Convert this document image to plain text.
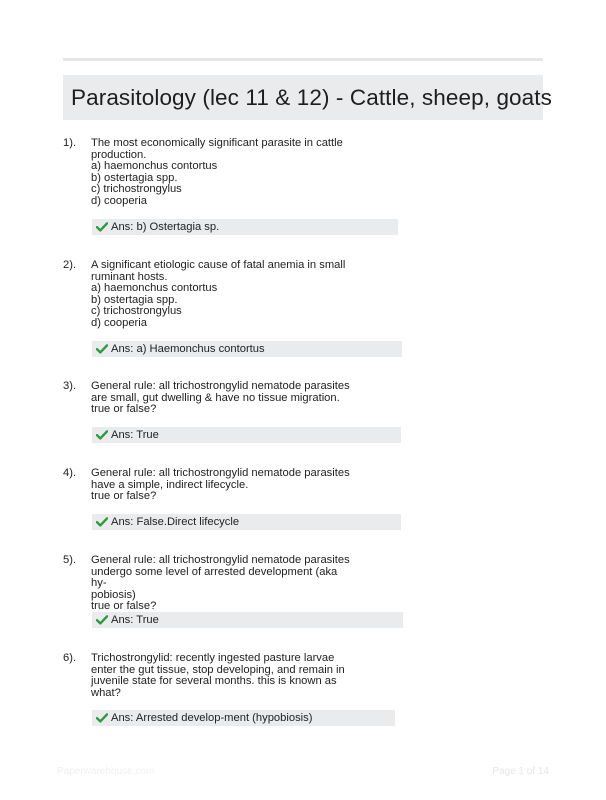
Parasitology (lec 11 & 12) - Cattle, sheep, goats
1). The most economically significant parasite in cattle
production.
a) haemonchus contortus
b) ostertagia spp.
c) trichostrongylus
d) cooperia
Ans: b) Ostertagia sp.
2). A significant etiologic cause of fatal anemia in small
ruminant hosts.
a) haemonchus contortus
b) ostertagia spp.
c) trichostrongylus
d) cooperia
Ans: a) Haemonchus contortus
3). General rule: all trichostrongylid nematode parasites
are small, gut dwelling & have no tissue migration.
true or false?
Ans: True
4). General rule: all trichostrongylid nematode parasites
have a simple, indirect lifecycle.
true or false?
Ans: False.Direct lifecycle
5). General rule: all trichostrongylid nematode parasites
undergo some level of arrested development (aka hy-
pobiosis)
true or false?
Ans: True
6). Trichostrongylid: recently ingested pasture larvae
enter the gut tissue, stop developing, and remain in
juvenile state for several months. this is known as
what?
Ans: Arrested develop-ment (hypobiosis)
Paperwarehouse.com	Page 1 of 14
